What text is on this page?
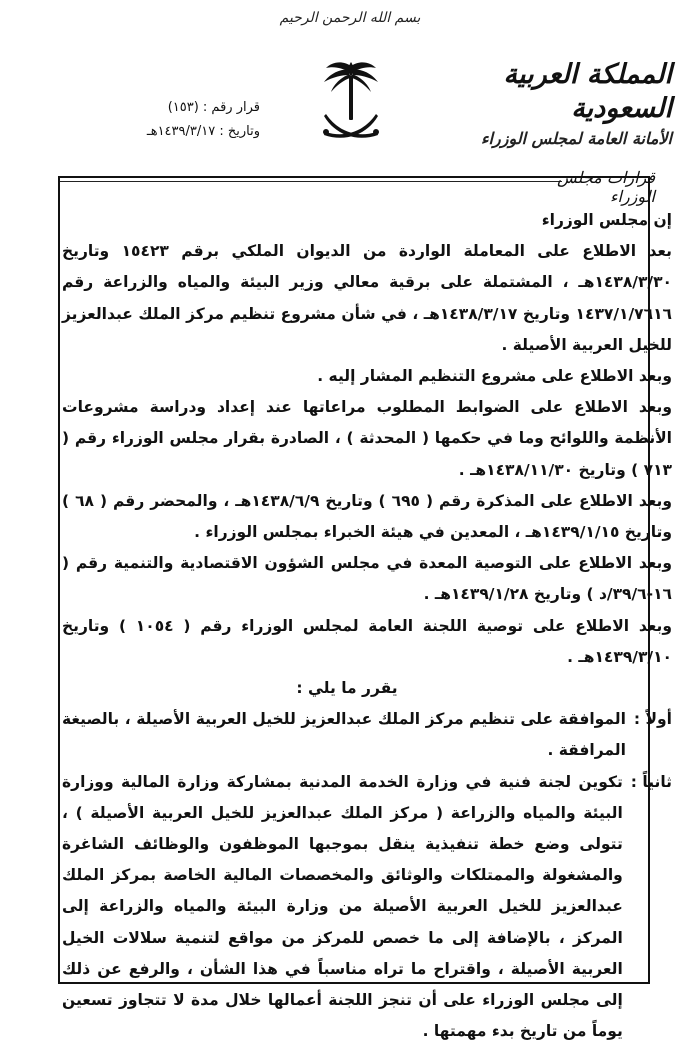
بسم الله الرحمن الرحيم
قرار رقم : (١٥٣)
وتاريخ : ١٤٣٩/٣/١٧هـ
المملكة العربية السعودية
الأمانة العامة لمجلس الوزراء
قرارات مجلس الوزراء

إن مجلس الوزراء

بعد الاطلاع على المعاملة الواردة من الديوان الملكي برقم ١٥٤٢٣ وتاريخ ١٤٣٨/٣/٣٠هـ ، المشتملة على برقية معالي وزير البيئة والمياه والزراعة رقم ١٤٣٧/١/٧٦١٦ وتاريخ ١٤٣٨/٣/١٧هـ ، في شأن مشروع تنظيم مركز الملك عبدالعزيز للخيل العربية الأصيلة .

وبعد الاطلاع على مشروع التنظيم المشار إليه .

وبعد الاطلاع على الضوابط المطلوب مراعاتها عند إعداد ودراسة مشروعات الأنظمة واللوائح وما في حكمها ( المحدثة ) ، الصادرة بقرار مجلس الوزراء رقم ( ٧١٣ ) وتاريخ ١٤٣٨/١١/٣٠هـ .

وبعد الاطلاع على المذكرة رقم ( ٦٩٥ ) وتاريخ ١٤٣٨/٦/٩هـ ، والمحضر رقم ( ٦٨ ) وتاريخ ١٤٣٩/١/١٥هـ ، المعدين في هيئة الخبراء بمجلس الوزراء .

وبعد الاطلاع على التوصية المعدة في مجلس الشؤون الاقتصادية والتنمية رقم ( ١٦-٣٩/٦/د ) وتاريخ ١٤٣٩/١/٢٨هـ .

وبعد الاطلاع على توصية اللجنة العامة لمجلس الوزراء رقم ( ١٠٥٤ ) وتاريخ ١٤٣٩/٣/١٠هـ .

يقرر ما يلي :

أولاً :
الموافقة على تنظيم مركز الملك عبدالعزيز للخيل العربية الأصيلة ، بالصيغة المرافقة .
ثانياً :
تكوين لجنة فنية في وزارة الخدمة المدنية بمشاركة وزارة المالية ووزارة البيئة والمياه والزراعة ( مركز الملك عبدالعزيز للخيل العربية الأصيلة ) ، تتولى وضع خطة تنفيذية ينقل بموجبها الموظفون والوظائف الشاغرة والمشغولة والممتلكات والوثائق والمخصصات المالية الخاصة بمركز الملك عبدالعزيز للخيل العربية الأصيلة من وزارة البيئة والمياه والزراعة إلى المركز ، بالإضافة إلى ما خصص للمركز من مواقع لتنمية سلالات الخيل العربية الأصيلة ، واقتراح ما تراه مناسباً في هذا الشأن ، والرفع عن ذلك إلى مجلس الوزراء على أن تنجز اللجنة أعمالها خلال مدة لا تتجاوز تسعين يوماً من تاريخ بدء مهمتها .
